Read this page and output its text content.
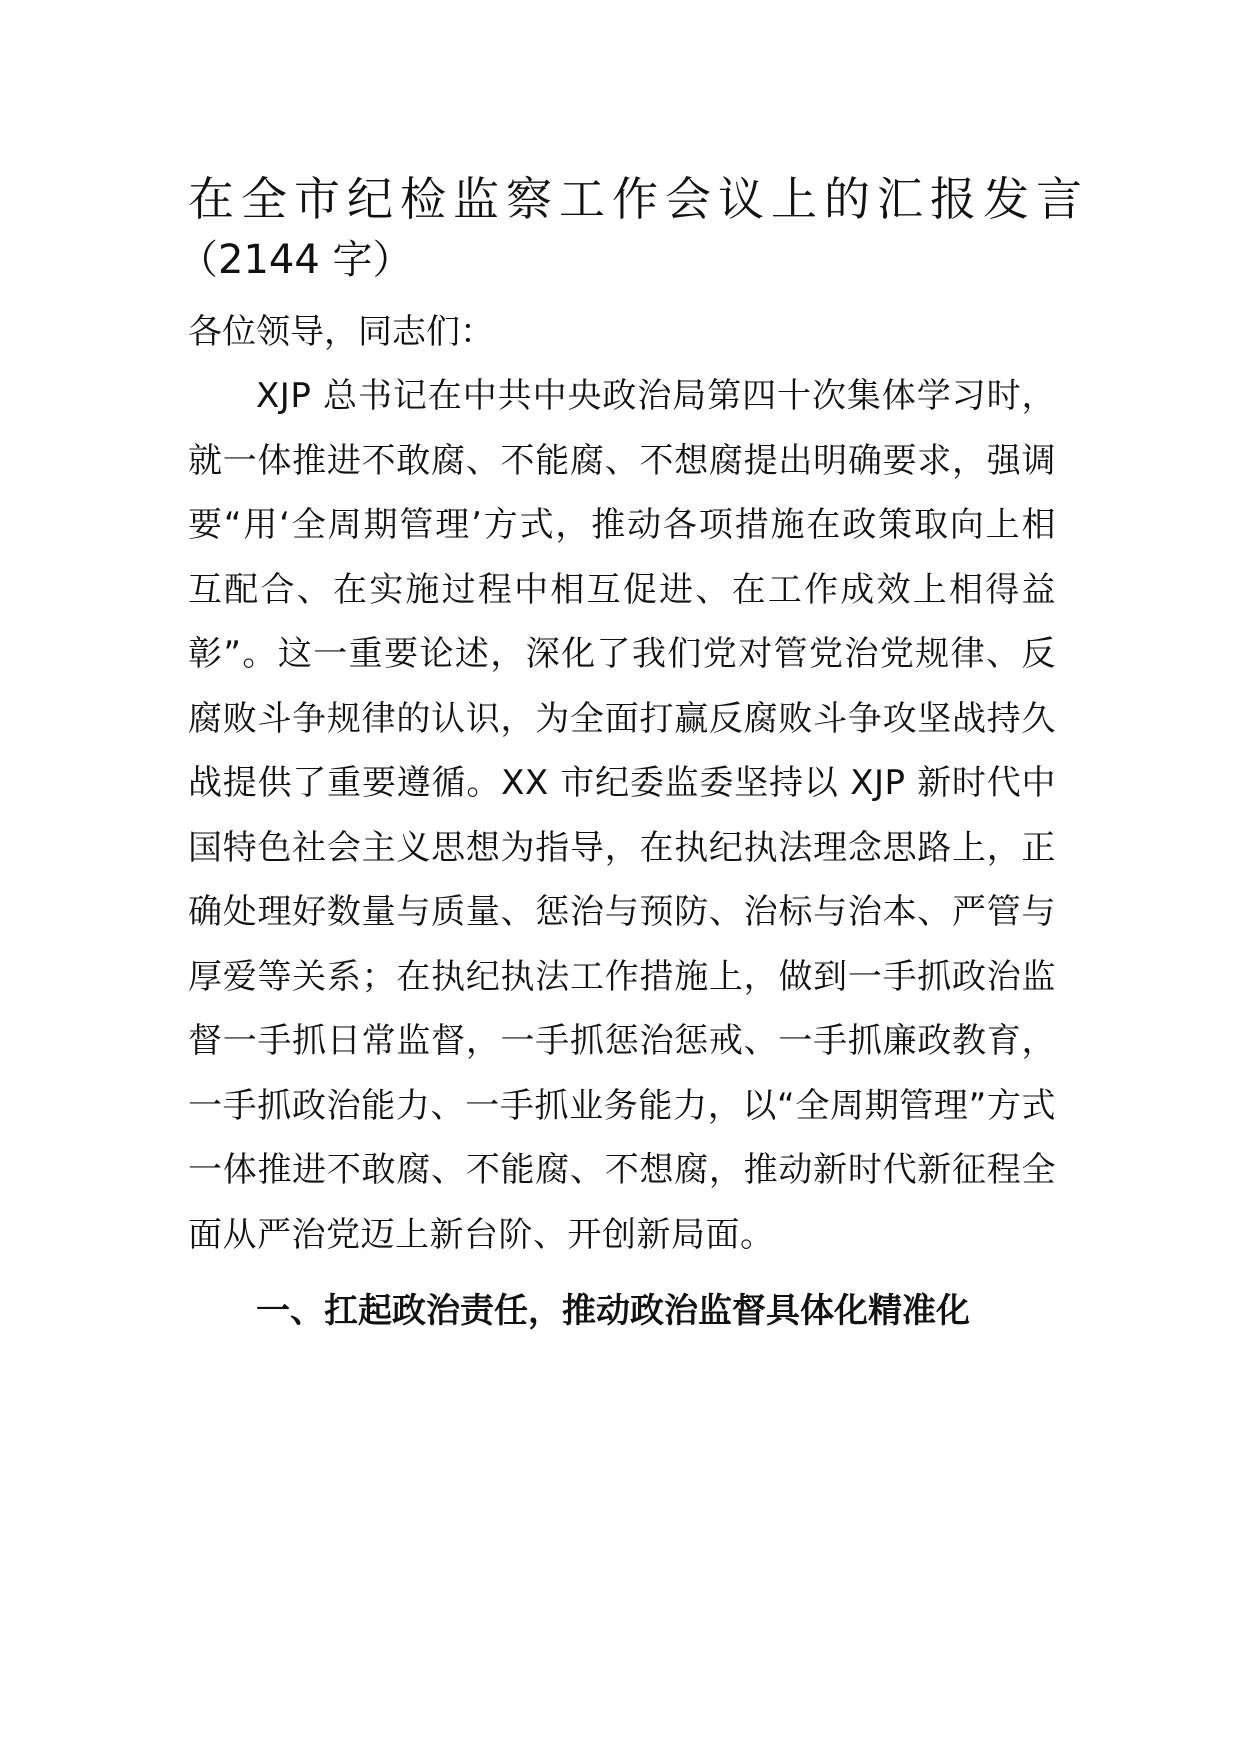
在全市纪检监察工作会议上的汇报发言
（2144 字）

各位领导，同志们：

XJP 总书记在中共中央政治局第四十次集体学习时，就一体推进不敢腐、不能腐、不想腐提出明确要求，强调要“用‘全周期管理’方式，推动各项措施在政策取向上相互配合、在实施过程中相互促进、在工作成效上相得益彰”。这一重要论述，深化了我们党对管党治党规律、反腐败斗争规律的认识，为全面打赢反腐败斗争攻坚战持久战提供了重要遵循。XX 市纪委监委坚持以 XJP 新时代中国特色社会主义思想为指导，在执纪执法理念思路上，正确处理好数量与质量、惩治与预防、治标与治本、严管与厚爱等关系；在执纪执法工作措施上，做到一手抓政治监督一手抓日常监督，一手抓惩治惩戒、一手抓廉政教育，一手抓政治能力、一手抓业务能力，以“全周期管理”方式一体推进不敢腐、不能腐、不想腐，推动新时代新征程全面从严治党迈上新台阶、开创新局面。

一、扛起政治责任，推动政治监督具体化精准化
